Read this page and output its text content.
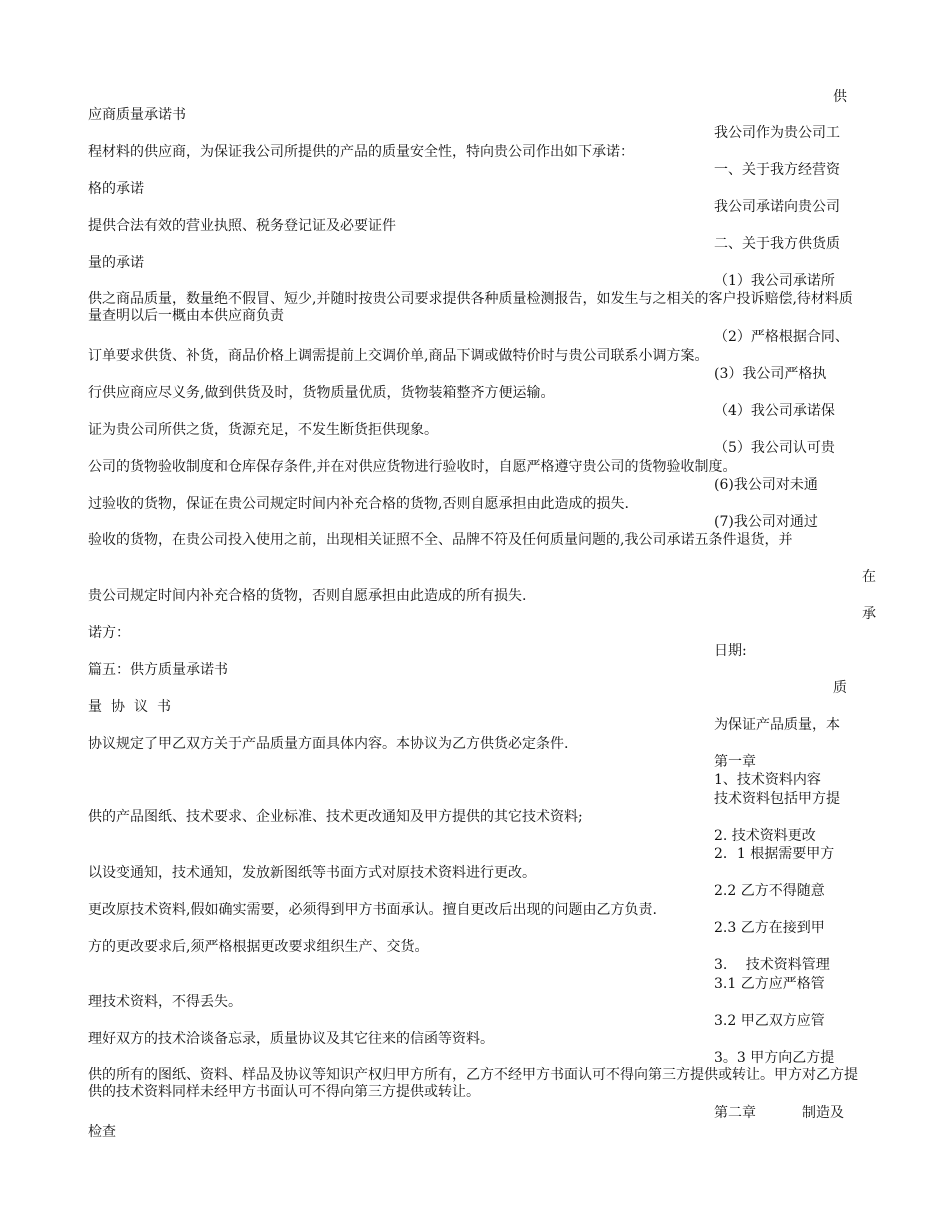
供

应商质量承诺书

我公司作为贵公司工

程材料的供应商，为保证我公司所提供的产品的质量安全性，特向贵公司作出如下承诺：

一、关于我方经营资

格的承诺

我公司承诺向贵公司

提供合法有效的营业执照、税务登记证及必要证件

二、关于我方供货质

量的承诺

（1）我公司承诺所

供之商品质量，数量绝不假冒、短少,并随时按贵公司要求提供各种质量检测报告，如发生与之相关的客户投诉赔偿,待材料质量查明以后一概由本供应商负责

（2）严格根据合同、

订单要求供货、补货，商品价格上调需提前上交调价单,商品下调或做特价时与贵公司联系小调方案。

(3）我公司严格执

行供应商应尽义务,做到供货及时，货物质量优质，货物装箱整齐方便运输。

（4）我公司承诺保

证为贵公司所供之货，货源充足，不发生断货拒供现象。

（5）我公司认可贵

公司的货物验收制度和仓库保存条件,并在对供应货物进行验收时，自愿严格遵守贵公司的货物验收制度。

(6)我公司对未通

过验收的货物，保证在贵公司规定时间内补充合格的货物,否则自愿承担由此造成的损失.

(7)我公司对通过

验收的货物，在贵公司投入使用之前，出现相关证照不全、品牌不符及任何质量问题的,我公司承诺五条件退货，并

在

贵公司规定时间内补充合格的货物，否则自愿承担由此造成的所有损失.

承

诺方：

日期:

篇五：供方质量承诺书

质

量协议书

为保证产品质量，本

协议规定了甲乙双方关于产品质量方面具体内容。本协议为乙方供货必定条件.

第一章

1、技术资料内容

技术资料包括甲方提

供的产品图纸、技术要求、企业标准、技术更改通知及甲方提供的其它技术资料;

2. 技术资料更改

2．1 根据需要甲方

以设变通知，技术通知，发放新图纸等书面方式对原技术资料进行更改。

2.2 乙方不得随意

更改原技术资料,假如确实需要，必须得到甲方书面承认。擅自更改后出现的问题由乙方负责.

2.3 乙方在接到甲

方的更改要求后,须严格根据更改要求组织生产、交货。

3.　 技术资料管理

3.1 乙方应严格管

理技术资料，不得丢失。

3.2 甲乙双方应管

理好双方的技术洽谈备忘录，质量协议及其它往来的信函等资料。

3。3 甲方向乙方提

供的所有的图纸、资料、样品及协议等知识产权归甲方所有，乙方不经甲方书面认可不得向第三方提供或转让。甲方对乙方提供的技术资料同样未经甲方书面认可不得向第三方提供或转让。

第二章	制造及

检查
